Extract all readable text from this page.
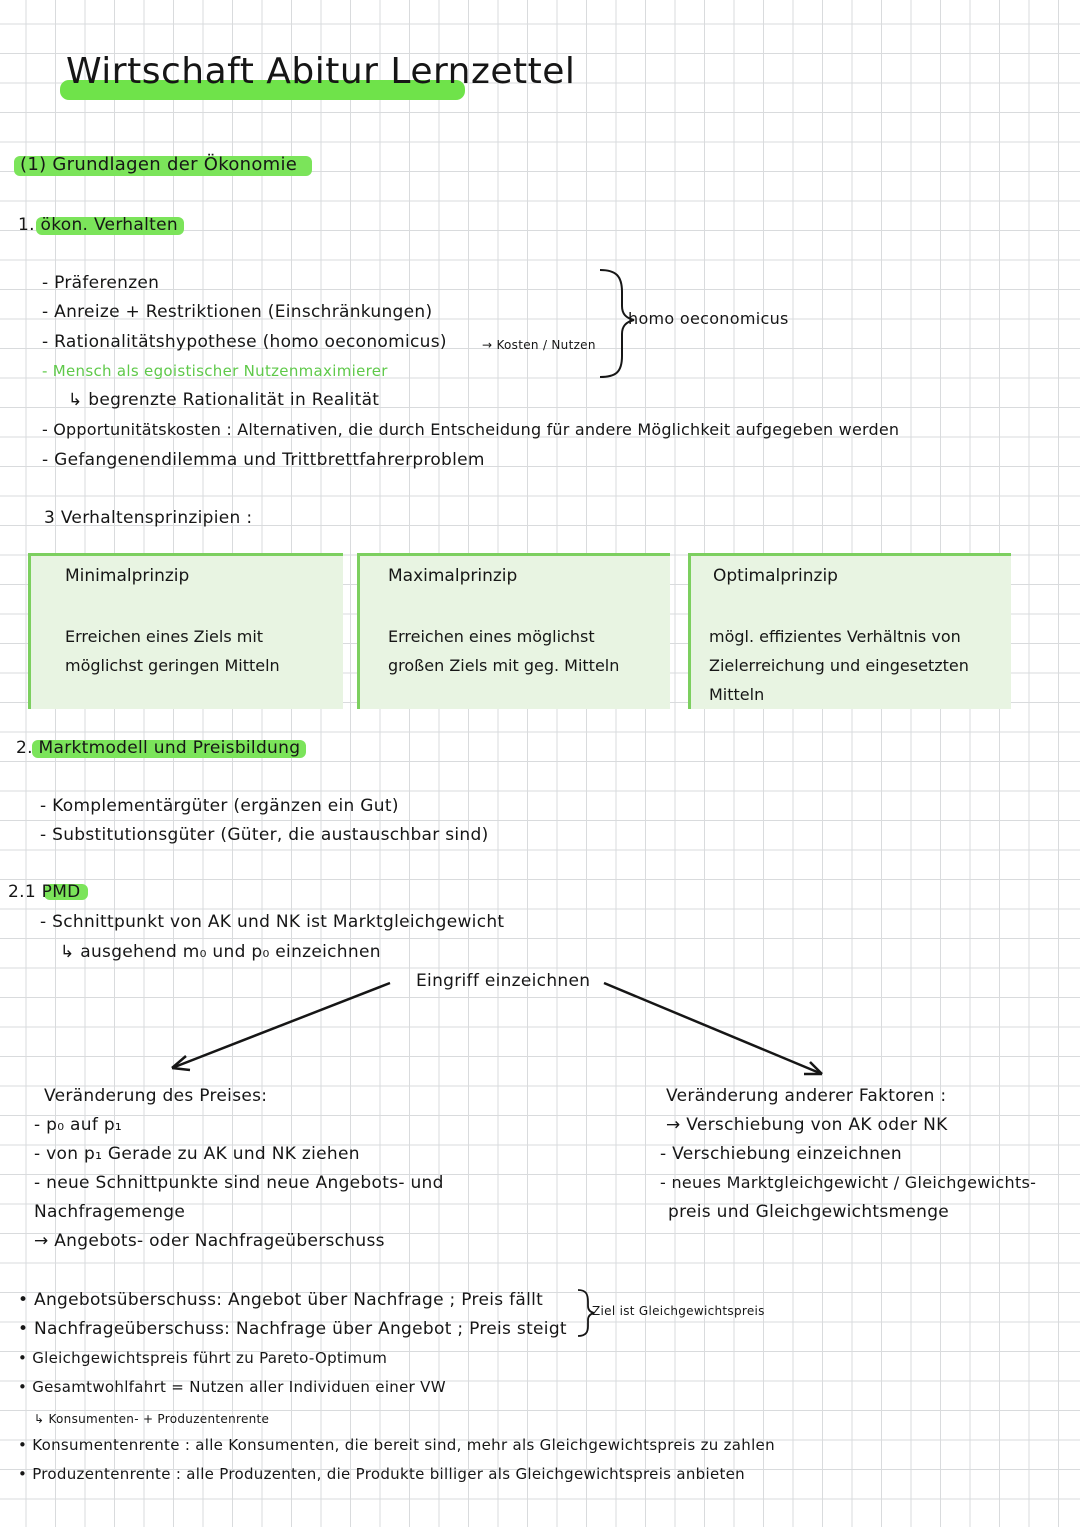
Wirtschaft Abitur Lernzettel
(1) Grundlagen der Ökonomie
1. ökon. Verhalten
- Präferenzen
- Anreize + Restriktionen (Einschränkungen)
- Rationalitätshypothese (homo oeconomicus)	→ Kosten / Nutzen
- Mensch als egoistischer Nutzenmaximierer
↳ begrenzte Rationalität in Realität
- Opportunitätskosten : Alternativen, die durch Entscheidung für andere Möglichkeit aufgegeben werden
- Gefangenendilemma und Trittbrettfahrerproblem
homo oeconomicus
3 Verhaltensprinzipien :
Minimalprinzip
Erreichen eines Ziels mit möglichst geringen Mitteln
Maximalprinzip
Erreichen eines möglichst großen Ziels mit geg. Mitteln
Optimalprinzip
mögl. effizientes Verhältnis von Zielerreichung und eingesetzten Mitteln
2. Marktmodell und Preisbildung
- Komplementärgüter (ergänzen ein Gut)
- Substitutionsgüter (Güter, die austauschbar sind)
2.1 PMD
- Schnittpunkt von AK und NK ist Marktgleichgewicht
↳ ausgehend m₀ und p₀ einzeichnen
Eingriff einzeichnen
Veränderung des Preises:
- p₀ auf p₁
- von p₁ Gerade zu AK und NK ziehen
- neue Schnittpunkte sind neue Angebots- und
Nachfragemenge
→ Angebots- oder Nachfrageüberschuss
Veränderung anderer Faktoren :
→ Verschiebung von AK oder NK
- Verschiebung einzeichnen
- neues Marktgleichgewicht / Gleichgewichts-
preis und Gleichgewichtsmenge
• Angebotsüberschuss: Angebot über Nachfrage ; Preis fällt
• Nachfrageüberschuss: Nachfrage über Angebot ; Preis steigt
• Gleichgewichtspreis führt zu Pareto-Optimum
• Gesamtwohlfahrt = Nutzen aller Individuen einer VW
↳ Konsumenten- + Produzentenrente
• Konsumentenrente : alle Konsumenten, die bereit sind, mehr als Gleichgewichtspreis zu zahlen
• Produzentenrente : alle Produzenten, die Produkte billiger als Gleichgewichtspreis anbieten
Ziel ist Gleichgewichtspreis
